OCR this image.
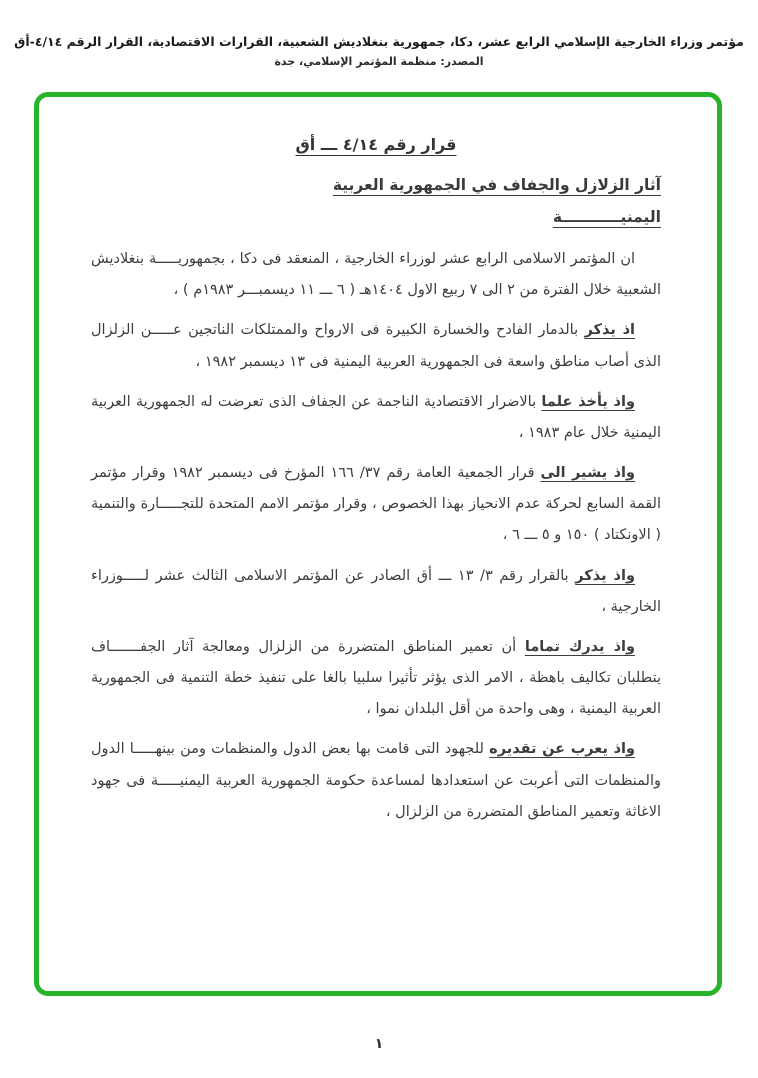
مؤتمر وزراء الخارجية الإسلامي الرابع عشر، دكا، جمهورية بنغلاديش الشعبية، القرارات الاقتصادية، القرار الرقم ٤/١٤-أق
المصدر: منظمة المؤتمر الإسلامي، جدة
قرار رقم ٤/١٤ ـــ أق
آثار الزلازل والجفاف في الجمهورية العربية
اليمنيـــــــــــة

ان المؤتمر الاسلامى الرابع عشر لوزراء الخارجية ، المنعقد فى دكا ، بجمهوريـــــة بنغلاديش الشعبية خلال الفترة من ٢ الى ٧ ربيع الاول ١٤٠٤هـ ( ٦ ـــ ١١ ديسمبـــر ١٩٨٣م ) ،

اذ يذكر بالدمار الفادح والخسارة الكبيرة فى الارواح والممتلكات الناتجين عـــــن الزلزال الذى أصاب مناطق واسعة فى الجمهورية العربية اليمنية فى ١٣ ديسمبر ١٩٨٢ ،

واذ يأخذ علما بالاضرار الاقتصادية الناجمة عن الجفاف الذى تعرضت له الجمهورية العربية اليمنية خلال عام ١٩٨٣ ،

واذ يشير الى قرار الجمعية العامة رقم ٣٧/ ١٦٦ المؤرخ فى ديسمبر ١٩٨٢ وقرار مؤتمر القمة السابع لحركة عدم الانحياز بهذا الخصوص ، وقرار مؤتمر الامم المتحدة للتجـــــارة والتنمية ( الاونكتاد ) ١٥٠ و ٥ ـــ ٦ ،

واذ يذكر بالقرار رقم ٣/ ١٣ ـــ أق الصادر عن المؤتمر الاسلامى الثالث عشر لـــــوزراء الخارجية ،

واذ يدرك تماما أن تعمير المناطق المتضررة من الزلزال ومعالجة آثار الجفـــــــاف يتطلبان تكاليف باهظة ، الامر الذى يؤثر تأثيرا سلبيا بالغا على تنفيذ خطة التنمية فى الجمهورية العربية اليمنية ، وهى واحدة من أقل البلدان نموا ،

واذ يعرب عن تقديره للجهود التى قامت بها بعض الدول والمنظمات ومن بينهـــــا الدول والمنظمات التى أعربت عن استعدادها لمساعدة حكومة الجمهورية العربية اليمنيـــــة فى جهود الاغاثة وتعمير المناطق المتضررة من الزلزال ،

١
